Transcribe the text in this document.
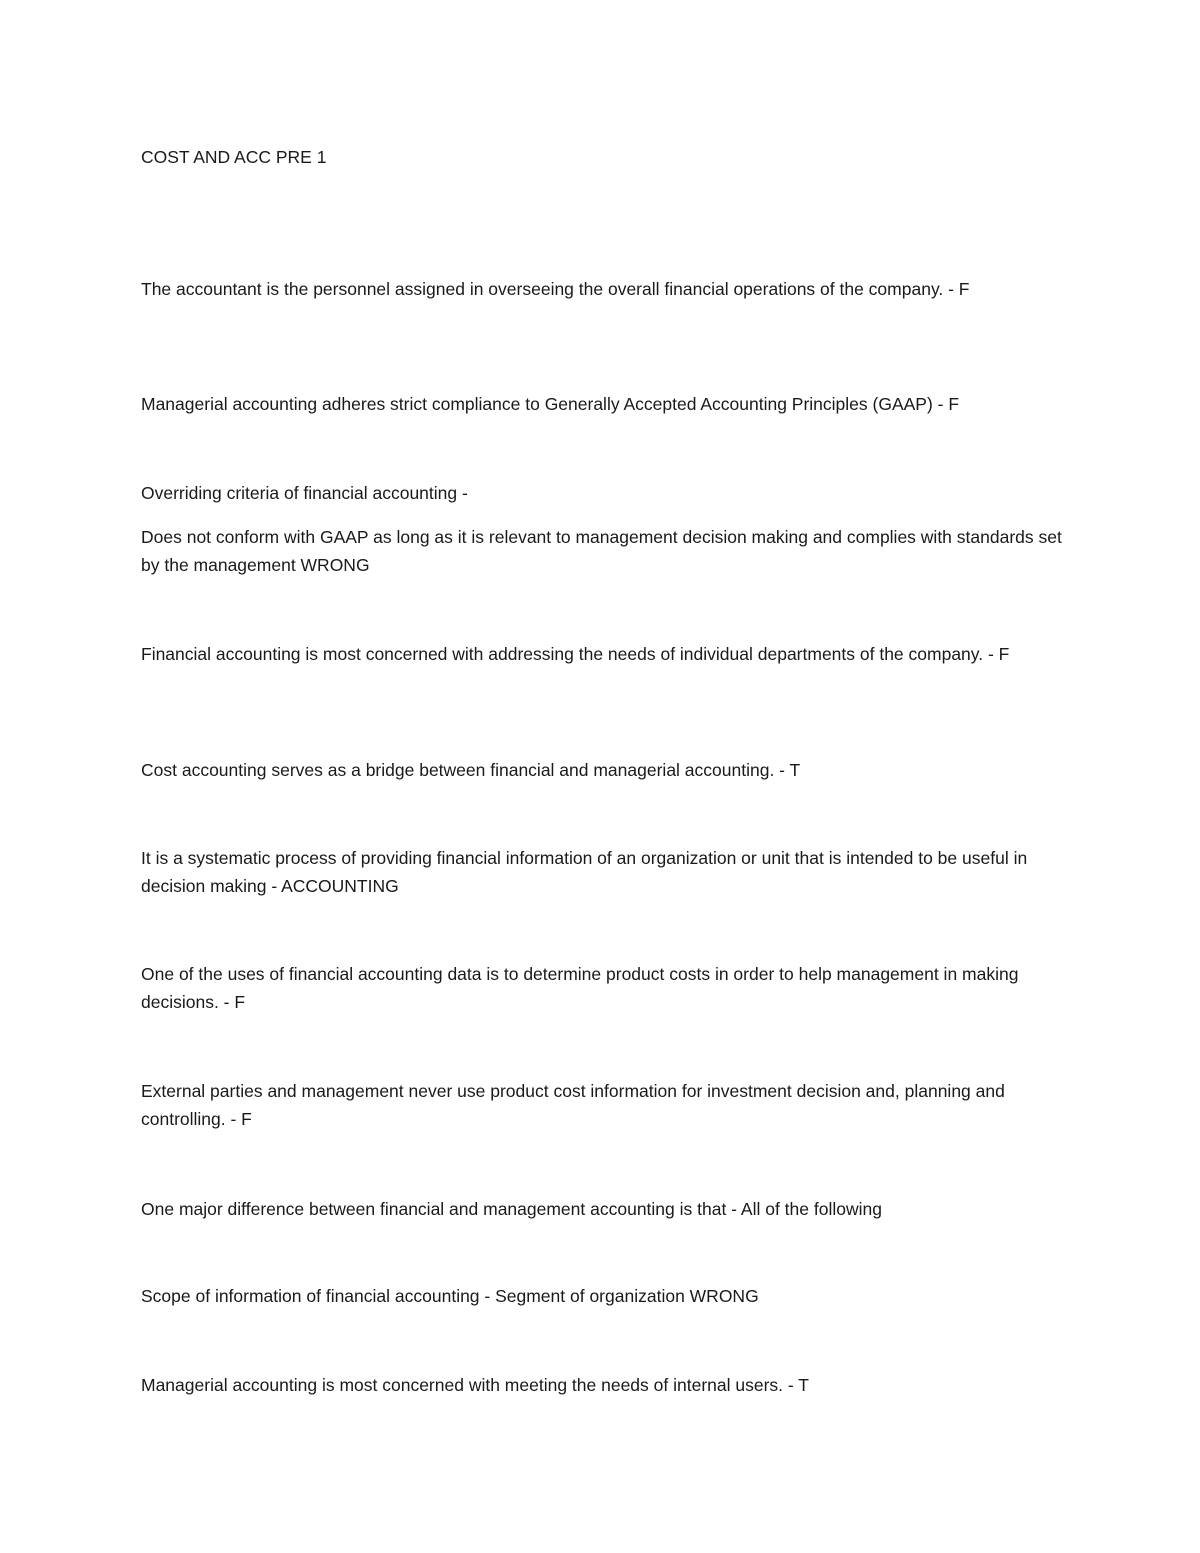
COST AND ACC PRE 1
The accountant is the personnel assigned in overseeing the overall financial operations of the company. - F
Managerial accounting adheres strict compliance to Generally Accepted Accounting Principles (GAAP) - F
Overriding criteria of financial accounting -
Does not conform with GAAP as long as it is relevant to management decision making and complies with standards set by the management WRONG
Financial accounting is most concerned with addressing the needs of individual departments of the company. - F
Cost accounting serves as a bridge between financial and managerial accounting. - T
It is a systematic process of providing financial information of an organization or unit that is intended to be useful in decision making - ACCOUNTING
One of the uses of financial accounting data is to determine product costs in order to help management in making decisions. - F
External parties and management never use product cost information for investment decision and, planning and controlling. - F
One major difference between financial and management accounting is that - All of the following
Scope of information of financial accounting - Segment of organization WRONG
Managerial accounting is most concerned with meeting the needs of internal users. - T
